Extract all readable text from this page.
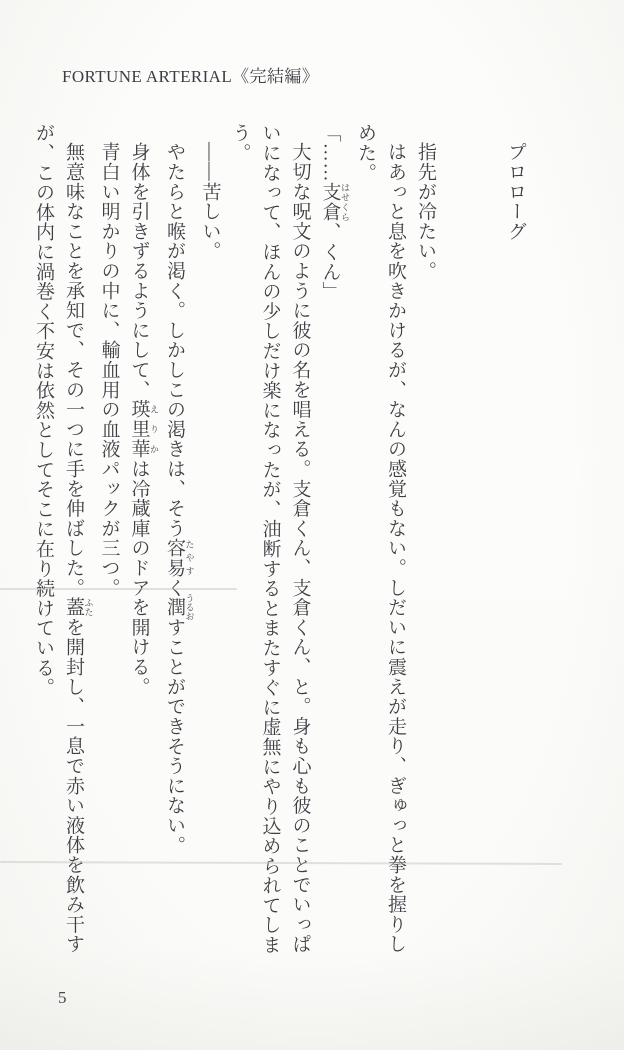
FORTUNE ARTERIAL《完結編》
プロローグ

指先が冷たい。

はあっと息を吹きかけるが、なんの感覚もない。しだいに震えが走り、ぎゅっと拳を握りしめた。

「……支倉 はせくら、くん」

大切な呪文のように彼の名を唱える。支倉くん、支倉くん、と。身も心も彼のことでいっぱいになって、ほんの少しだけ楽になったが、油断するとまたすぐに虚無にやり込められてしまう。

――苦しい。

やたらと喉が渇く。しかしこの渇きは、そう容易 たやすく潤 うるおすことができそうにない。

身体を引きずるようにして、瑛里華 えりかは冷蔵庫のドアを開ける。

青白い明かりの中に、輸血用の血液パックが三つ。

無意味なことを承知で、その一つに手を伸ばした。蓋 ふたを開封し、一息で赤い液体を飲み干すが、この体内に渦巻く不安は依然としてそこに在り続けている。

5
